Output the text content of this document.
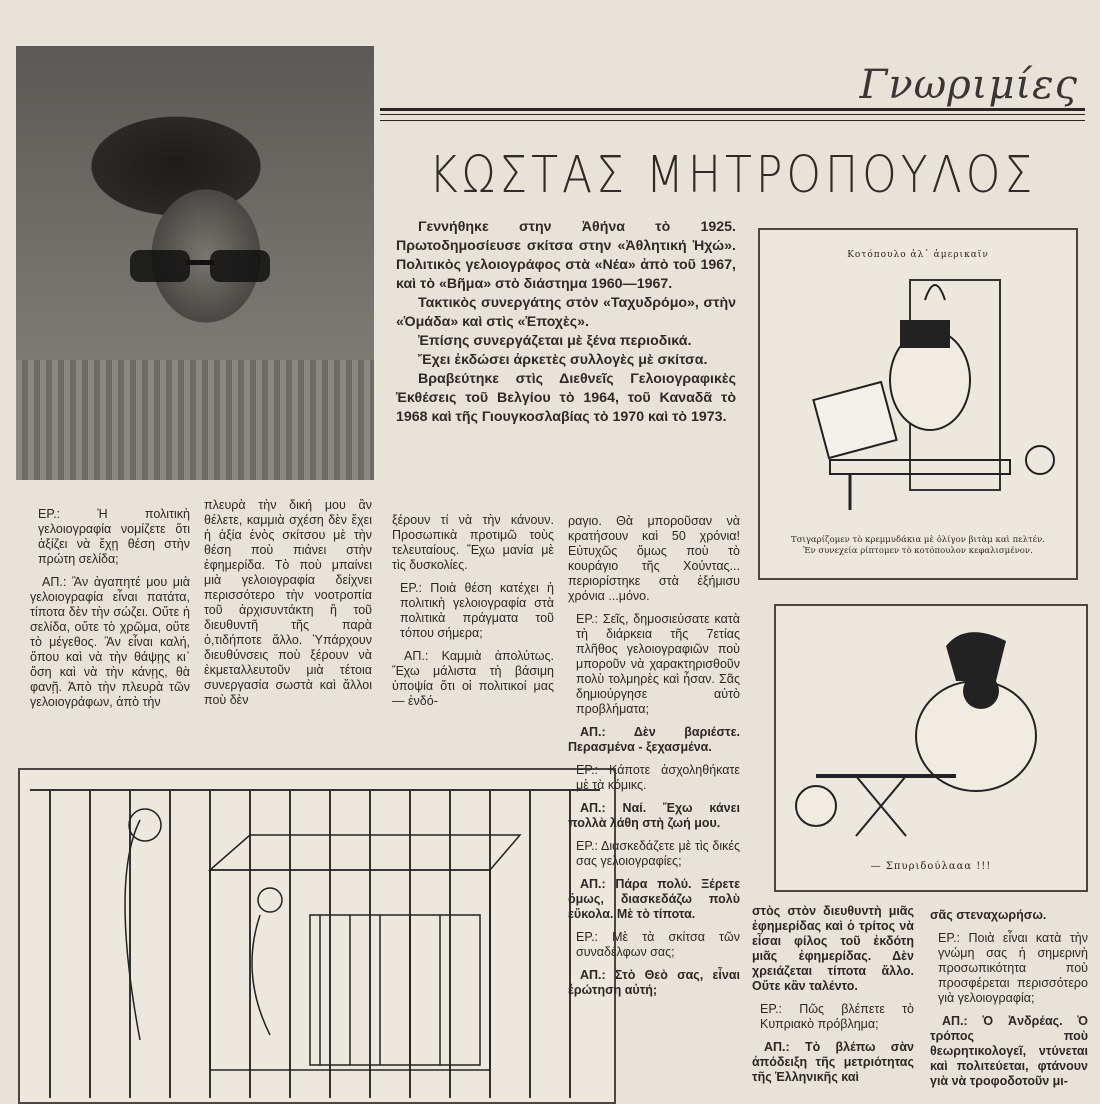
Γνωριμίες
ΚΩΣΤΑΣ ΜΗΤΡΟΠΟΥΛΟΣ

Γεννήθηκε στην Ἀθήνα τὸ 1925. Πρωτοδημοσίευσε σκίτσα στην «Ἀθλητική Ἠχώ». Πολιτικὸς γελοιογράφος στὰ «Νέα» ἀπὸ τοῦ 1967, καὶ τὸ «Βῆμα» στὸ διάστημα 1960—1967.

Τακτικὸς συνεργάτης στὸν «Ταχυδρόμο», στὴν «Ὁμάδα» καὶ στὶς «Ἐποχὲς».

Ἐπίσης συνεργάζεται μὲ ξένα περιοδικά.

Ἔχει ἐκδώσει ἀρκετὲς συλλογὲς μὲ σκίτσα.

Βραβεύτηκε στὶς Διεθνεῖς Γελοιογραφικὲς Ἐκθέσεις τοῦ Βελγίου τὸ 1964, τοῦ Καναδᾶ τὸ 1968 καὶ τῆς Γιουγκοσλαβίας τὸ 1970 καὶ τὸ 1973.

Κοτόπουλο ἀλ᾿ ἀμερικαῖν
Τσιγαρίζομεν τὸ κρεμμυδάκια μὲ ὀλίγον βιτὰμ καὶ πελτέν.
Ἐν συνεχεία ρίπτομεν τὸ κοτόπουλον κεφαλισμένον.
— Σπυριδούλααα !!!

ΕΡ.: Ἡ πολιτικὴ γελοιογραφία νομίζετε ὅτι ἀξίζει νὰ ἔχῃ θέση στὴν πρώτη σελίδα;

ΑΠ.: Ἂν ἀγαπητέ μου μιὰ γελοιογραφία εἶναι πατάτα, τίποτα δὲν τὴν σώζει. Οὔτε ἡ σελίδα, οὔτε τὸ χρῶμα, οὔτε τὸ μέγεθος. Ἂν εἶναι καλή, ὅπου καὶ νὰ τὴν θάψῃς κι᾿ ὅση καὶ νὰ τὴν κάνῃς, θὰ φανῇ. Ἀπὸ τὴν πλευρὰ τῶν γελοιογράφων, ἀπὸ τὴν

πλευρὰ τὴν δική μου ἂν θέλετε, καμμιὰ σχέση δὲν ἔχει ἡ ἀξία ἑνὸς σκίτσου μὲ τὴν θέση ποὺ πιάνει στὴν ἐφημερίδα. Τὸ ποὺ μπαίνει μιὰ γελοιογραφία δείχνει περισσότερο τὴν νοοτροπία τοῦ ἀρχισυντάκτη ἢ τοῦ διευθυντῆ τῆς παρὰ ὁ,τιδήποτε ἄλλο. Ὑπάρχουν διευθύνσεις ποὺ ξέρουν νὰ ἐκμεταλλευτοῦν μιὰ τέτοια συνεργασία σωστὰ καὶ ἄλλοι ποὺ δὲν

ξέρουν τί νὰ τὴν κάνουν. Προσωπικὰ προτιμῶ τοὺς τελευταίους. Ἔχω μανία μὲ τὶς δυσκολίες.

ΕΡ.: Ποιὰ θέση κατέχει ἡ πολιτικὴ γελοιογραφία στὰ πολιτικὰ πράγματα τοῦ τόπου σήμερα;

ΑΠ.: Καμμιὰ ἀπολύτως. Ἔχω μάλιστα τὴ βάσιμη ὑποψία ὅτι οἱ πολιτικοί μας — ἐνδό-

ραγιο. Θὰ μποροῦσαν νὰ κρατήσουν καὶ 50 χρόνια! Εὐτυχῶς ὅμως ποὺ τὸ κουράγιο τῆς Χούντας... περιορίστηκε στὰ ἑξήμισυ χρόνια ...μόνο.

ΕΡ.: Σεῖς, δημοσιεύσατε κατὰ τὴ διάρκεια τῆς 7ετίας πλῆθος γελοιογραφιῶν ποὺ μποροῦν νὰ χαρακτηρισθοῦν πολὺ τολμηρὲς καὶ ἦσαν. Σᾶς δημιούργησε αὐτὸ προβλήματα;

ΑΠ.: Δὲν βαριέστε. Περασμένα - ξεχασμένα.

ΕΡ.: Κάποτε ἀσχοληθήκατε μὲ τὰ κόμικς.

ΑΠ.: Ναί. Ἔχω κάνει πολλὰ λάθη στὴ ζωή μου.

ΕΡ.: Διασκεδάζετε μὲ τὶς δικές σας γελοιογραφίες;

ΑΠ.: Πάρα πολύ. Ξέρετε ὅμως, διασκεδάζω πολὺ εὔκολα. Μὲ τὸ τίποτα.

ΕΡ.: Μὲ τὰ σκίτσα τῶν συναδέλφων σας;

ΑΠ.: Στὸ Θεὸ σας, εἶναι ἐρώτηση αὐτή;

στὸς στὸν διευθυντὴ μιᾶς ἐφημερίδας καὶ ὁ τρίτος νὰ εἶσαι φίλος τοῦ ἐκδότη μιᾶς ἐφημερίδας. Δὲν χρειάζεται τίποτα ἄλλο. Οὔτε κἂν ταλέντο.

ΕΡ.: Πῶς βλέπετε τὸ Κυπριακὸ πρόβλημα;

ΑΠ.: Τὸ βλέπω σὰν ἀπόδειξη τῆς μετριότητας τῆς Ἑλληνικῆς καὶ

σᾶς στεναχωρήσω.

ΕΡ.: Ποιὰ εἶναι κατὰ τὴν γνώμη σας ἡ σημερινὴ προσωπικότητα ποὺ προσφέρεται περισσότερο γιὰ γελοιογραφία;

ΑΠ.: Ὁ Ἀνδρέας. Ὁ τρόπος ποὺ θεωρητικολογεῖ, ντύνεται καὶ πολιτεύεται, φτάνουν γιὰ νὰ τροφοδοτοῦν μι-
